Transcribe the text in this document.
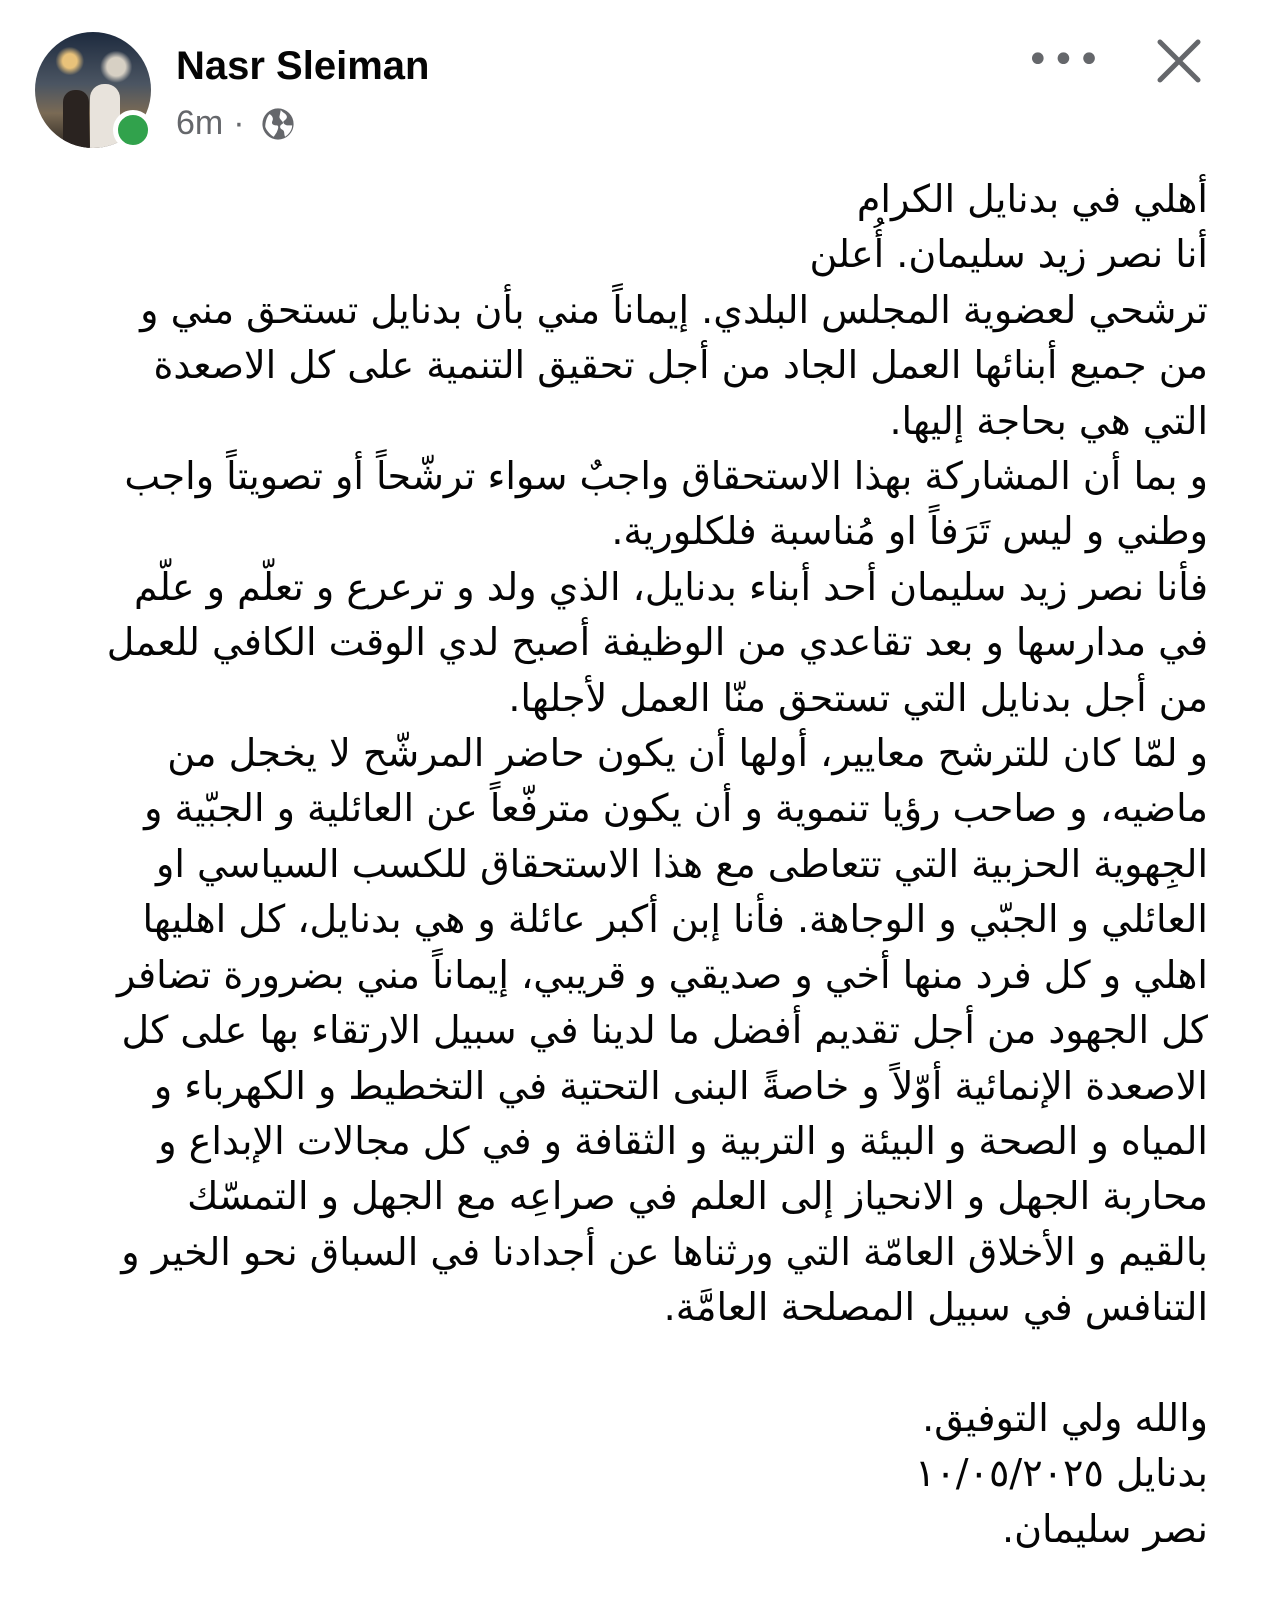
Nasr Sleiman
6m ·
•••
أهلي في بدنايل الكرام
أنا نصر زيد سليمان. أُعلن
ترشحي لعضوية المجلس البلدي. إيماناً مني بأن بدنايل تستحق مني و
من جميع أبنائها العمل الجاد من أجل تحقيق التنمية على كل الاصعدة
التي هي بحاجة إليها.
و بما أن المشاركة بهذا الاستحقاق واجبٌ سواء ترشّحاً أو تصويتاً واجب
وطني و ليس تَرَفاً او مُناسبة فلكلورية.
فأنا نصر زيد سليمان أحد أبناء بدنايل، الذي ولد و ترعرع و تعلّم و علّم
في مدارسها و بعد تقاعدي من الوظيفة أصبح لدي الوقت الكافي للعمل
من أجل بدنايل التي تستحق منّا العمل لأجلها.
و لمّا كان للترشح معايير، أولها أن يكون حاضر المرشّح لا يخجل من
ماضيه، و صاحب رؤيا تنموية و أن يكون مترفّعاً عن العائلية و الجبّية و
الجِهوية الحزبية التي تتعاطى مع هذا الاستحقاق للكسب السياسي او
العائلي و الجبّي و الوجاهة. فأنا إبن أكبر عائلة و هي بدنايل، كل اهليها
اهلي و كل فرد منها أخي و صديقي و قريبي، إيماناً مني بضرورة تضافر
كل الجهود من أجل تقديم أفضل ما لدينا في سبيل الارتقاء بها على كل
الاصعدة الإنمائية أوّلاً و خاصةً البنى التحتية في التخطيط و الكهرباء و
المياه و الصحة و البيئة و التربية و الثقافة و في كل مجالات الإبداع و
محاربة الجهل و الانحياز إلى العلم في صراعِه مع الجهل و التمسّك
بالقيم و الأخلاق العامّة التي ورثناها عن أجدادنا في السباق نحو الخير و
التنافس في سبيل المصلحة العامَّة.
والله ولي التوفيق.
بدنايل ١٠/٠٥/٢٠٢٥
نصر سليمان.
